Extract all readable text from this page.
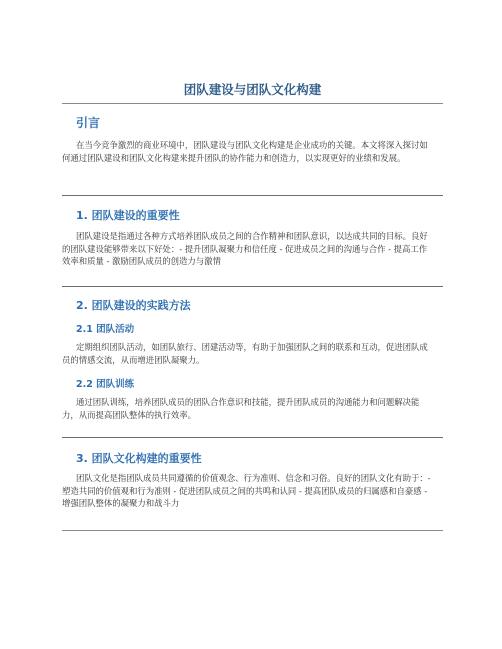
团队建设与团队文化构建
引言

在当今竞争激烈的商业环境中，团队建设与团队文化构建是企业成功的关键。本文将深入探讨如何通过团队建设和团队文化构建来提升团队的协作能力和创造力，以实现更好的业绩和发展。

1. 团队建设的重要性

团队建设是指通过各种方式培养团队成员之间的合作精神和团队意识，以达成共同的目标。良好的团队建设能够带来以下好处：- 提升团队凝聚力和信任度 - 促进成员之间的沟通与合作 - 提高工作效率和质量 - 激励团队成员的创造力与激情

2. 团队建设的实践方法
2.1 团队活动

定期组织团队活动，如团队旅行、团建活动等，有助于加强团队之间的联系和互动，促进团队成员的情感交流，从而增进团队凝聚力。

2.2 团队训练

通过团队训练，培养团队成员的团队合作意识和技能，提升团队成员的沟通能力和问题解决能力，从而提高团队整体的执行效率。

3. 团队文化构建的重要性

团队文化是指团队成员共同遵循的价值观念、行为准则、信念和习俗。良好的团队文化有助于：- 塑造共同的价值观和行为准则 - 促进团队成员之间的共鸣和认同 - 提高团队成员的归属感和自豪感 - 增强团队整体的凝聚力和战斗力
